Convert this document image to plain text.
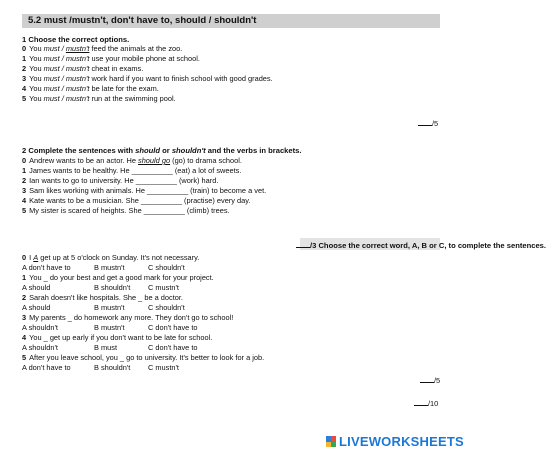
5.2 must /mustn't, don't have to, should / shouldn't
1 Choose the correct options.
0 You must / mustn't feed the animals at the zoo.
1 You must / mustn't use your mobile phone at school.
2 You must / mustn't cheat in exams.
3 You must / mustn't work hard if you want to finish school with good grades.
4 You must / mustn't be late for the exam.
5 You must / mustn't run at the swimming pool.
/5
2 Complete the sentences with should or shouldn't and the verbs in brackets.
0 Andrew wants to be an actor. He should go (go) to drama school.
1 James wants to be healthy. He __________ (eat) a lot of sweets.
2 Ian wants to go to university. He __________ (work) hard.
3 Sam likes working with animals. He __________ (train) to become a vet.
4 Kate wants to be a musician. She __________ (practise) every day.
5 My sister is scared of heights. She __________ (climb) trees.
/3 Choose the correct word, A, B or C, to complete the sentences.
0 I A get up at 5 o'clock on Sunday. It's not necessary.
A don't have to	B mustn't	C shouldn't
1 You _ do your best and get a good mark for your project.
A should	B shouldn't C mustn't
2 Sarah doesn't like hospitals. She _ be a doctor.
A should	B mustn't	C shouldn't
3 My parents _ do homework any more. They don't go to school!
A shouldn't	B mustn't	C don't have to
4 You _ get up early if you don't want to be late for school.
A shouldn't	B must	C don't have to
5 After you leave school, you _ go to university. It's better to look for a job.
A don't have to	B shouldn't C mustn't
/5
/10
LIVEWORKSHEETS
